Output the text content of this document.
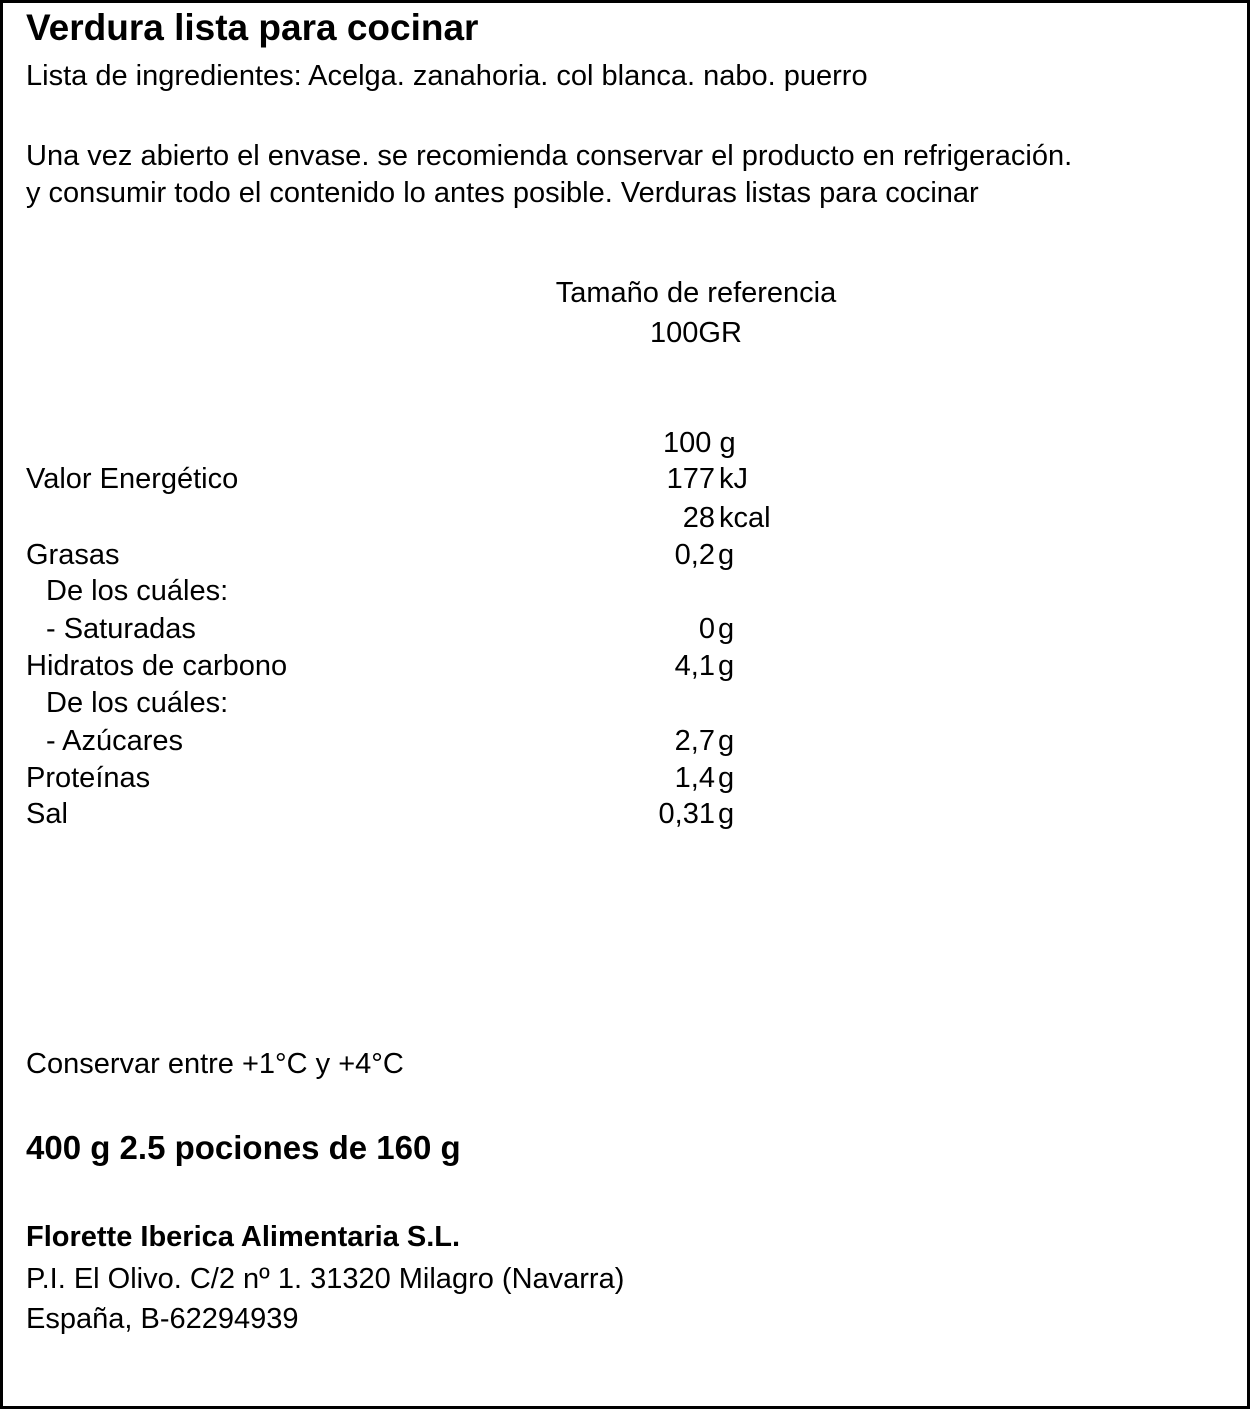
Verdura lista para cocinar
Lista de ingredientes: Acelga. zanahoria. col blanca. nabo. puerro
Una vez abierto el envase. se recomienda conservar el producto en refrigeración.
y consumir todo el contenido lo antes posible. Verduras listas para cocinar
Tamaño de referencia
100GR
100 g
Valor Energético	177 kJ
28 kcal
Grasas	0,2 g
De los cuáles:
- Saturadas	0 g
Hidratos de carbono	4,1 g
De los cuáles:
- Azúcares	2,7 g
Proteínas	1,4 g
Sal	0,31 g
Conservar entre +1°C y +4°C
400 g 2.5 pociones de 160 g
Florette Iberica Alimentaria S.L.
P.I. El Olivo. C/2 nº 1. 31320 Milagro (Navarra)
España, B-62294939
